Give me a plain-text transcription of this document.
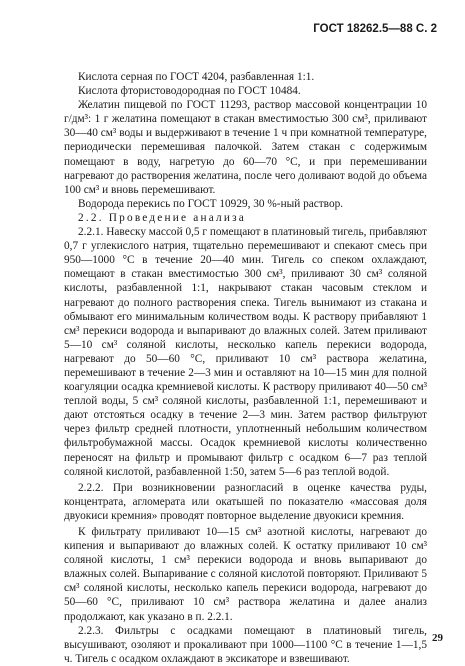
ГОСТ 18262.5—88 С. 2

Кислота серная по ГОСТ 4204, разбавленная 1:1.

Кислота фтористоводородная по ГОСТ 10484.

Желатин пищевой по ГОСТ 11293, раствор массовой концентрации 10 г/дм³: 1 г желатина помещают в стакан вместимостью 300 см³, приливают 30—40 см³ воды и выдерживают в течение 1 ч при комнатной температуре, периодически перемешивая палочкой. Затем стакан с содержимым помещают в воду, нагретую до 60—70 °С, и при перемешивании нагревают до растворения желатина, после чего доливают водой до объема 100 см³ и вновь перемешивают.

Водорода перекись по ГОСТ 10929, 30 %-ный раствор.

2.2. Проведение анализа

2.2.1. Навеску массой 0,5 г помещают в платиновый тигель, прибавляют 0,7 г углекислого натрия, тщательно перемешивают и спекают смесь при 950—1000 °С в течение 20—40 мин. Тигель со спеком охлаждают, помещают в стакан вместимостью 300 см³, приливают 30 см³ соляной кислоты, разбавленной 1:1, накрывают стакан часовым стеклом и нагревают до полного растворения спека. Тигель вынимают из стакана и обмывают его минимальным количеством воды. К раствору прибавляют 1 см³ перекиси водорода и выпаривают до влажных солей. Затем приливают 5—10 см³ соляной кислоты, несколько капель перекиси водорода, нагревают до 50—60 °С, приливают 10 см³ раствора желатина, перемешивают в течение 2—3 мин и оставляют на 10—15 мин для полной коагуляции осадка кремниевой кислоты. К раствору приливают 40—50 см³ теплой воды, 5 см³ соляной кислоты, разбавленной 1:1, перемешивают и дают отстояться осадку в течение 2—3 мин. Затем раствор фильтруют через фильтр средней плотности, уплотненный небольшим количеством фильтробумажной массы. Осадок кремниевой кислоты количественно переносят на фильтр и промывают фильтр с осадком 6—7 раз теплой соляной кислотой, разбавленной 1:50, затем 5—6 раз теплой водой.

2.2.2. При возникновении разногласий в оценке качества руды, концентрата, агломерата или окатышей по показателю «массовая доля двуокиси кремния» проводят повторное выделение двуокиси кремния.

К фильтрату приливают 10—15 см³ азотной кислоты, нагревают до кипения и выпаривают до влажных солей. К остатку приливают 10 см³ соляной кислоты, 1 см³ перекиси водорода и вновь выпаривают до влажных солей. Выпаривание с соляной кислотой повторяют. Приливают 5 см³ соляной кислоты, несколько капель перекиси водорода, нагревают до 50—60 °С, приливают 10 см³ раствора желатина и далее анализ продолжают, как указано в п. 2.2.1.

2.2.3. Фильтры с осадками помещают в платиновый тигель, высушивают, озоляют и прокаливают при 1000—1100 °С в течение 1—1,5 ч. Тигель с осадком охлаждают в эксикаторе и взвешивают.

29
